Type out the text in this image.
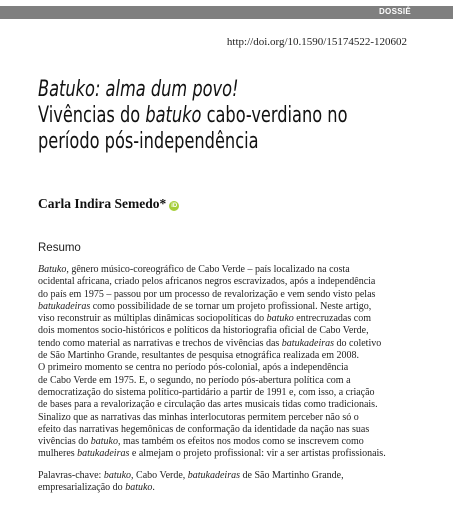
DOSSIÊ
http://doi.org/10.1590/15174522-120602
Batuko: alma dum povo!
Vivências do batuko cabo-verdiano no
período pós-independência
Carla Indira Semedo* iD
Resumo
Batuko, gênero músico-coreográfico de Cabo Verde – país localizado na costa
ocidental africana, criado pelos africanos negros escravizados, após a independência
do país em 1975 – passou por um processo de revalorização e vem sendo visto pelas
batukadeiras como possibilidade de se tornar um projeto profissional. Neste artigo,
viso reconstruir as múltiplas dinâmicas sociopolíticas do batuko entrecruzadas com
dois momentos socio-históricos e políticos da historiografia oficial de Cabo Verde,
tendo como material as narrativas e trechos de vivências das batukadeiras do coletivo
de São Martinho Grande, resultantes de pesquisa etnográfica realizada em 2008.
O primeiro momento se centra no período pós-colonial, após a independência
de Cabo Verde em 1975. E, o segundo, no período pós-abertura política com a
democratização do sistema político-partidário a partir de 1991 e, com isso, a criação
de bases para a revalorização e circulação das artes musicais tidas como tradicionais.
Sinalizo que as narrativas das minhas interlocutoras permitem perceber não só o
efeito das narrativas hegemônicas de conformação da identidade da nação nas suas
vivências do batuko, mas também os efeitos nos modos como se inscrevem como
mulheres batukadeiras e almejam o projeto profissional: vir a ser artistas profissionais.
Palavras-chave: batuko, Cabo Verde, batukadeiras de São Martinho Grande,
empresarialização do batuko.
